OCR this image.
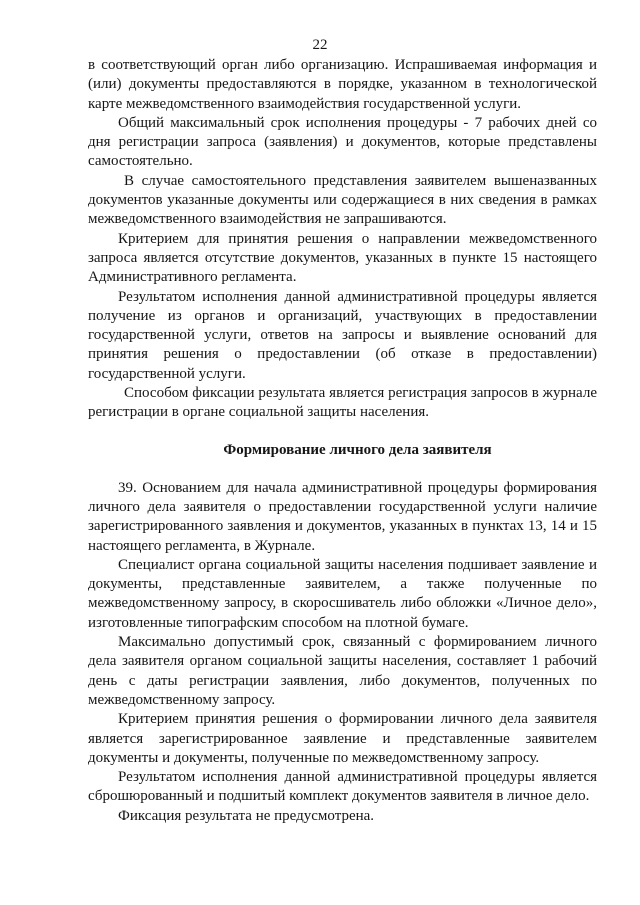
22

в соответствующий орган либо организацию. Испрашиваемая информация и (или) документы предоставляются в порядке, указанном в технологической карте межведомственного взаимодействия государственной услуги.

Общий максимальный срок исполнения процедуры - 7 рабочих дней со дня регистрации запроса (заявления) и документов, которые представлены самостоятельно.

В случае самостоятельного представления заявителем вышеназванных документов указанные документы или содержащиеся в них сведения в рамках межведомственного взаимодействия не запрашиваются.

Критерием для принятия решения о направлении межведомственного запроса является отсутствие документов, указанных в пункте 15 настоящего Административного регламента.

Результатом исполнения данной административной процедуры является получение из органов и организаций, участвующих в предоставлении государственной услуги, ответов на запросы и выявление оснований для принятия решения о предоставлении (об отказе в предоставлении) государственной услуги.

Способом фиксации результата является регистрация запросов в журнале регистрации в органе социальной защиты населения.

Формирование личного дела заявителя

39. Основанием для начала административной процедуры формирования личного дела заявителя о предоставлении государственной услуги наличие зарегистрированного заявления и документов, указанных в пунктах 13, 14 и 15 настоящего регламента, в Журнале.

Специалист органа социальной защиты населения подшивает заявление и документы, представленные заявителем, а также полученные по межведомственному запросу, в скоросшиватель либо обложки «Личное дело», изготовленные типографским способом на плотной бумаге.

Максимально допустимый срок, связанный с формированием личного дела заявителя органом социальной защиты населения, составляет 1 рабочий день с даты регистрации заявления, либо документов, полученных по межведомственному запросу.

Критерием принятия решения о формировании личного дела заявителя является зарегистрированное заявление и представленные заявителем документы и документы, полученные по межведомственному запросу.

Результатом исполнения данной административной процедуры является сброшюрованный и подшитый комплект документов заявителя в личное дело.

Фиксация результата не предусмотрена.
